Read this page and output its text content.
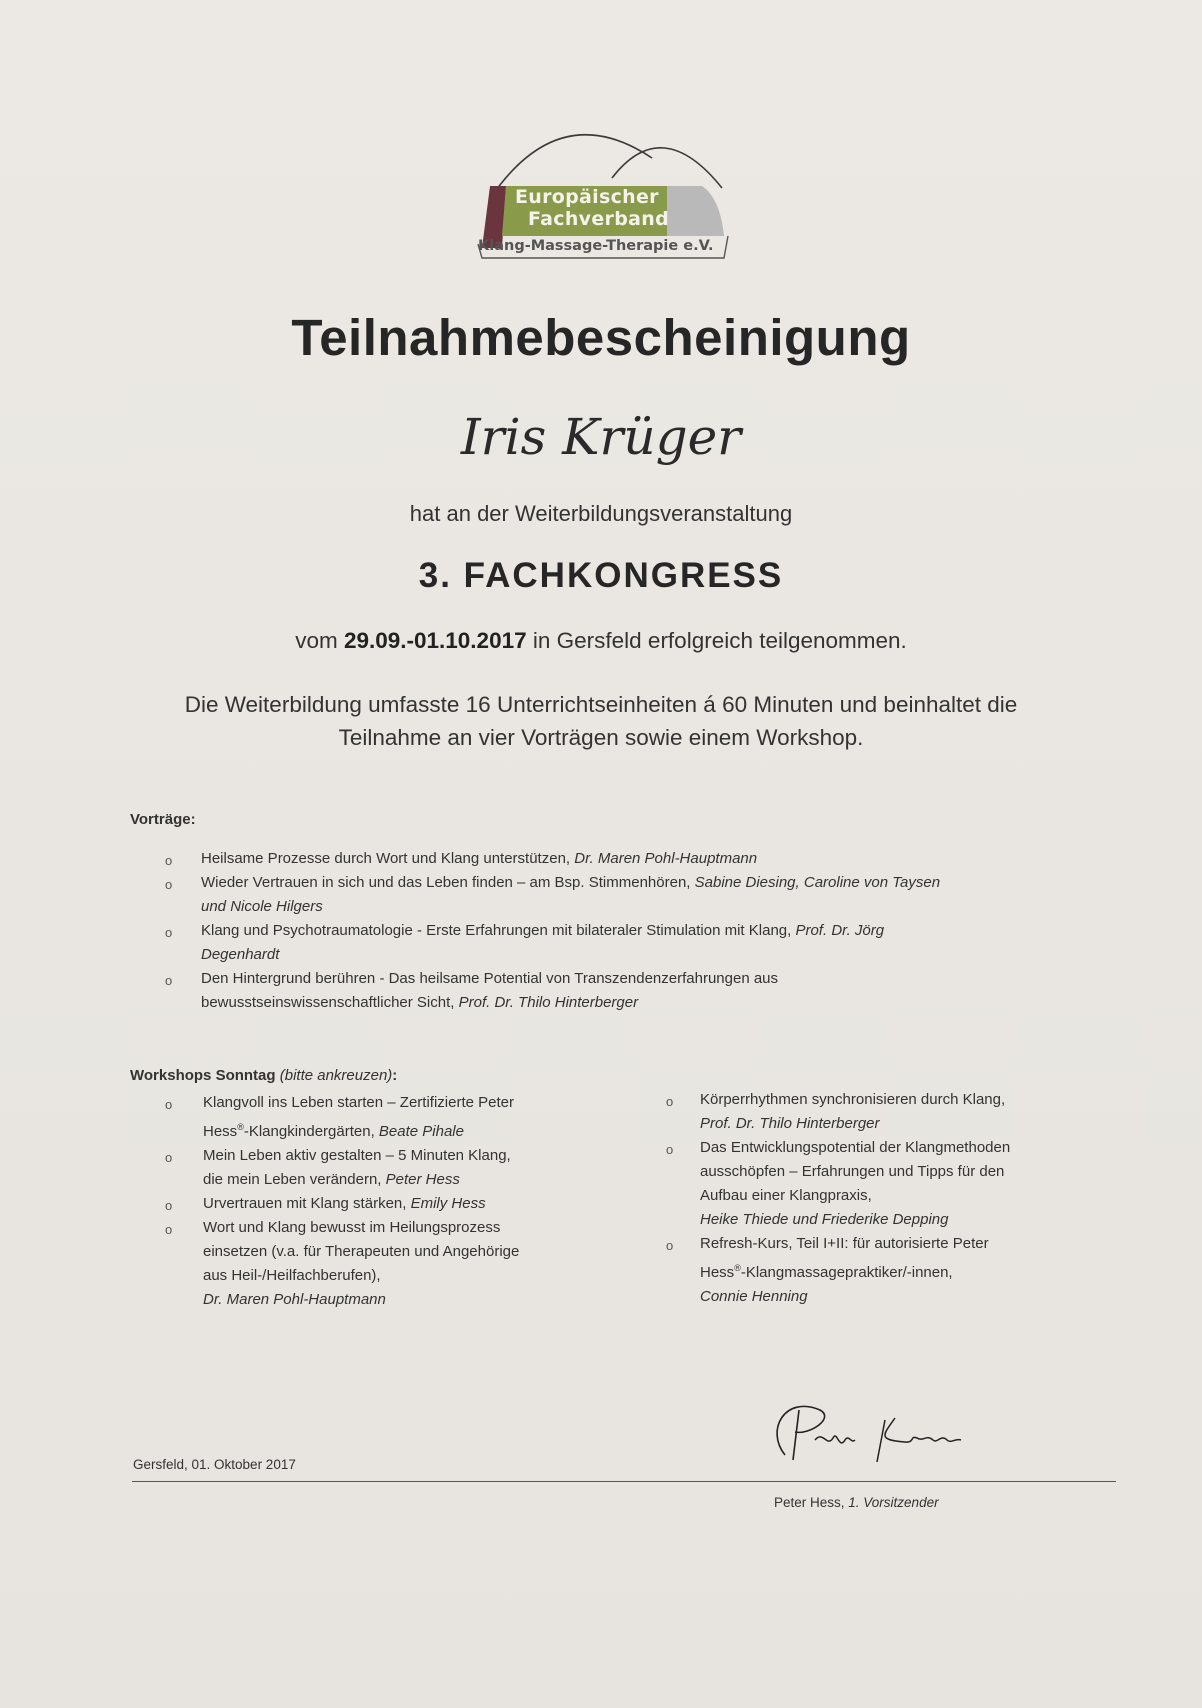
Europäischer
Fachverband
Klang-Massage-Therapie e.V.
Teilnahmebescheinigung
Iris Krüger
hat an der Weiterbildungsveranstaltung
3. FACHKONGRESS
vom 29.09.-01.10.2017 in Gersfeld erfolgreich teilgenommen.
Die Weiterbildung umfasste 16 Unterrichtseinheiten á 60 Minuten und beinhaltet die
Teilnahme an vier Vorträgen sowie einem Workshop.
Vorträge:
o Heilsame Prozesse durch Wort und Klang unterstützen, Dr. Maren Pohl-Hauptmann
o Wieder Vertrauen in sich und das Leben finden – am Bsp. Stimmenhören, Sabine Diesing, Caroline von Taysen
und Nicole Hilgers
o Klang und Psychotraumatologie - Erste Erfahrungen mit bilateraler Stimulation mit Klang, Prof. Dr. Jörg
Degenhardt
o Den Hintergrund berühren - Das heilsame Potential von Transzendenzerfahrungen aus
bewusstseinswissenschaftlicher Sicht, Prof. Dr. Thilo Hinterberger
Workshops Sonntag (bitte ankreuzen):
o Klangvoll ins Leben starten – Zertifizierte Peter
Hess®-Klangkindergärten, Beate Pihale
o Mein Leben aktiv gestalten – 5 Minuten Klang,
die mein Leben verändern, Peter Hess
o Urvertrauen mit Klang stärken, Emily Hess
o Wort und Klang bewusst im Heilungsprozess
einsetzen (v.a. für Therapeuten und Angehörige
aus Heil-/Heilfachberufen),
Dr. Maren Pohl-Hauptmann
o Körperrhythmen synchronisieren durch Klang,
Prof. Dr. Thilo Hinterberger
o Das Entwicklungspotential der Klangmethoden
ausschöpfen – Erfahrungen und Tipps für den
Aufbau einer Klangpraxis,
Heike Thiede und Friederike Depping
o Refresh-Kurs, Teil I+II: für autorisierte Peter
Hess®-Klangmassagepraktiker/-innen,
Connie Henning
Gersfeld, 01. Oktober 2017
Peter Hess, 1. Vorsitzender
